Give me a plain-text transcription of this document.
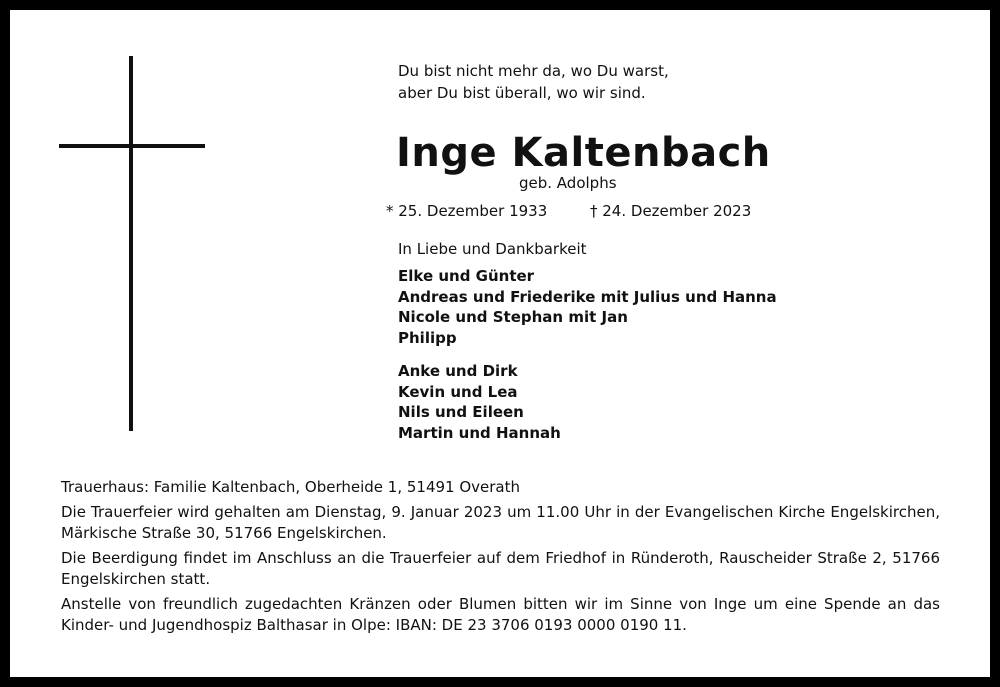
Du bist nicht mehr da, wo Du warst,
aber Du bist überall, wo wir sind.
Inge Kaltenbach
geb. Adolphs
* 25. Dezember 1933	† 24. Dezember 2023
In Liebe und Dankbarkeit
Elke und Günter
Andreas und Friederike mit Julius und Hanna
Nicole und Stephan mit Jan
Philipp
Anke und Dirk
Kevin und Lea
Nils und Eileen
Martin und Hannah
Trauerhaus: Familie Kaltenbach, Oberheide 1, 51491 Overath
Die Trauerfeier wird gehalten am Dienstag, 9. Januar 2023 um 11.00 Uhr in der Evangelischen Kirche Engelskirchen, Märkische Straße 30, 51766 Engelskirchen.
Die Beerdigung findet im Anschluss an die Trauerfeier auf dem Friedhof in Ründeroth, Rauscheider Straße 2, 51766 Engelskirchen statt.
Anstelle von freundlich zugedachten Kränzen oder Blumen bitten wir im Sinne von Inge um eine Spende an das Kinder- und Jugendhospiz Balthasar in Olpe: IBAN: DE 23 3706 0193 0000 0190 11.
